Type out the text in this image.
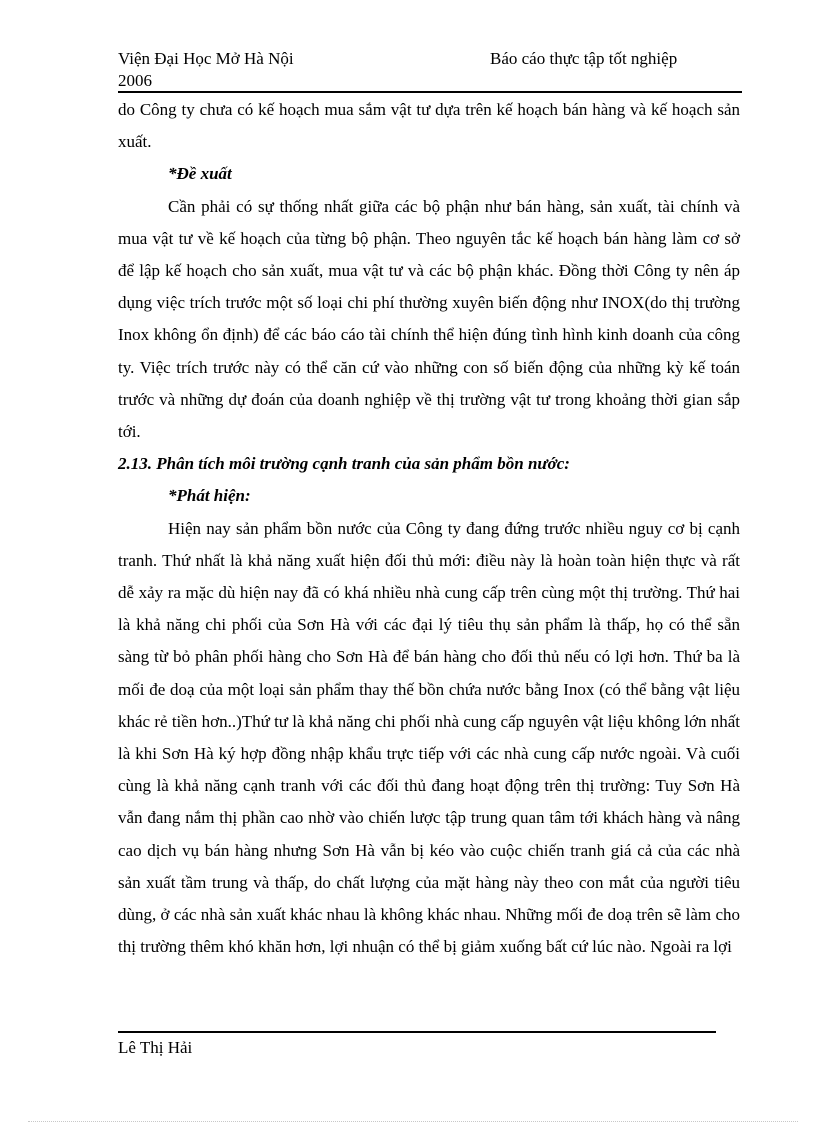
Viện Đại Học Mở Hà Nội	Báo cáo thực tập tốt nghiệp
2006

do Công ty chưa có kế hoạch mua sắm vật tư dựa trên kế hoạch bán hàng và kế hoạch sản xuất.

*Đề xuất

Cần phải có sự thống nhất giữa các bộ phận như bán hàng, sản xuất, tài chính và mua vật tư về kế hoạch của từng bộ phận. Theo nguyên tắc kế hoạch bán hàng làm cơ sở để lập kế hoạch cho sản xuất, mua vật tư và các bộ phận khác. Đồng thời Công ty nên áp dụng việc trích trước một số loại chi phí thường xuyên biến động như INOX(do thị trường Inox không ổn định) để các báo cáo tài chính thể hiện đúng tình hình kinh doanh của công ty. Việc trích trước này có thể căn cứ vào những con số biến động của những kỳ kế toán trước và những dự đoán của doanh nghiệp về thị trường vật tư trong khoảng thời gian sắp tới.

2.13. Phân tích môi trường cạnh tranh của sản phẩm bồn nước:

*Phát hiện:

Hiện nay sản phẩm bồn nước của Công ty đang đứng trước nhiều nguy cơ bị cạnh tranh. Thứ nhất là khả năng xuất hiện đối thủ mới: điều này là hoàn toàn hiện thực và rất dễ xảy ra mặc dù hiện nay đã có khá nhiều nhà cung cấp trên cùng một thị trường. Thứ hai là khả năng chi phối của Sơn Hà với các đại lý tiêu thụ sản phẩm là thấp, họ có thể sẵn sàng từ bỏ phân phối hàng cho Sơn Hà để bán hàng cho đối thủ nếu có lợi hơn. Thứ ba là mối đe doạ của một loại sản phẩm thay thế bồn chứa nước bằng Inox (có thể bằng vật liệu khác rẻ tiền hơn..)Thứ tư là khả năng chi phối nhà cung cấp nguyên vật liệu không lớn nhất là khi Sơn Hà ký hợp đồng nhập khẩu trực tiếp với các nhà cung cấp nước ngoài. Và cuối cùng là khả năng cạnh tranh với các đối thủ đang hoạt động trên thị trường: Tuy Sơn Hà vẫn đang nắm thị phần cao nhờ vào chiến lược tập trung quan tâm tới khách hàng và nâng cao dịch vụ bán hàng nhưng Sơn Hà vẫn bị kéo vào cuộc chiến tranh giá cả của các nhà sản xuất tầm trung và thấp, do chất lượng của mặt hàng này theo con mắt của người tiêu dùng, ở các nhà sản xuất khác nhau là không khác nhau. Những mối đe doạ trên sẽ làm cho thị trường thêm khó khăn hơn, lợi nhuận có thể bị giảm xuống bất cứ lúc nào. Ngoài ra lợi

Lê Thị Hải
